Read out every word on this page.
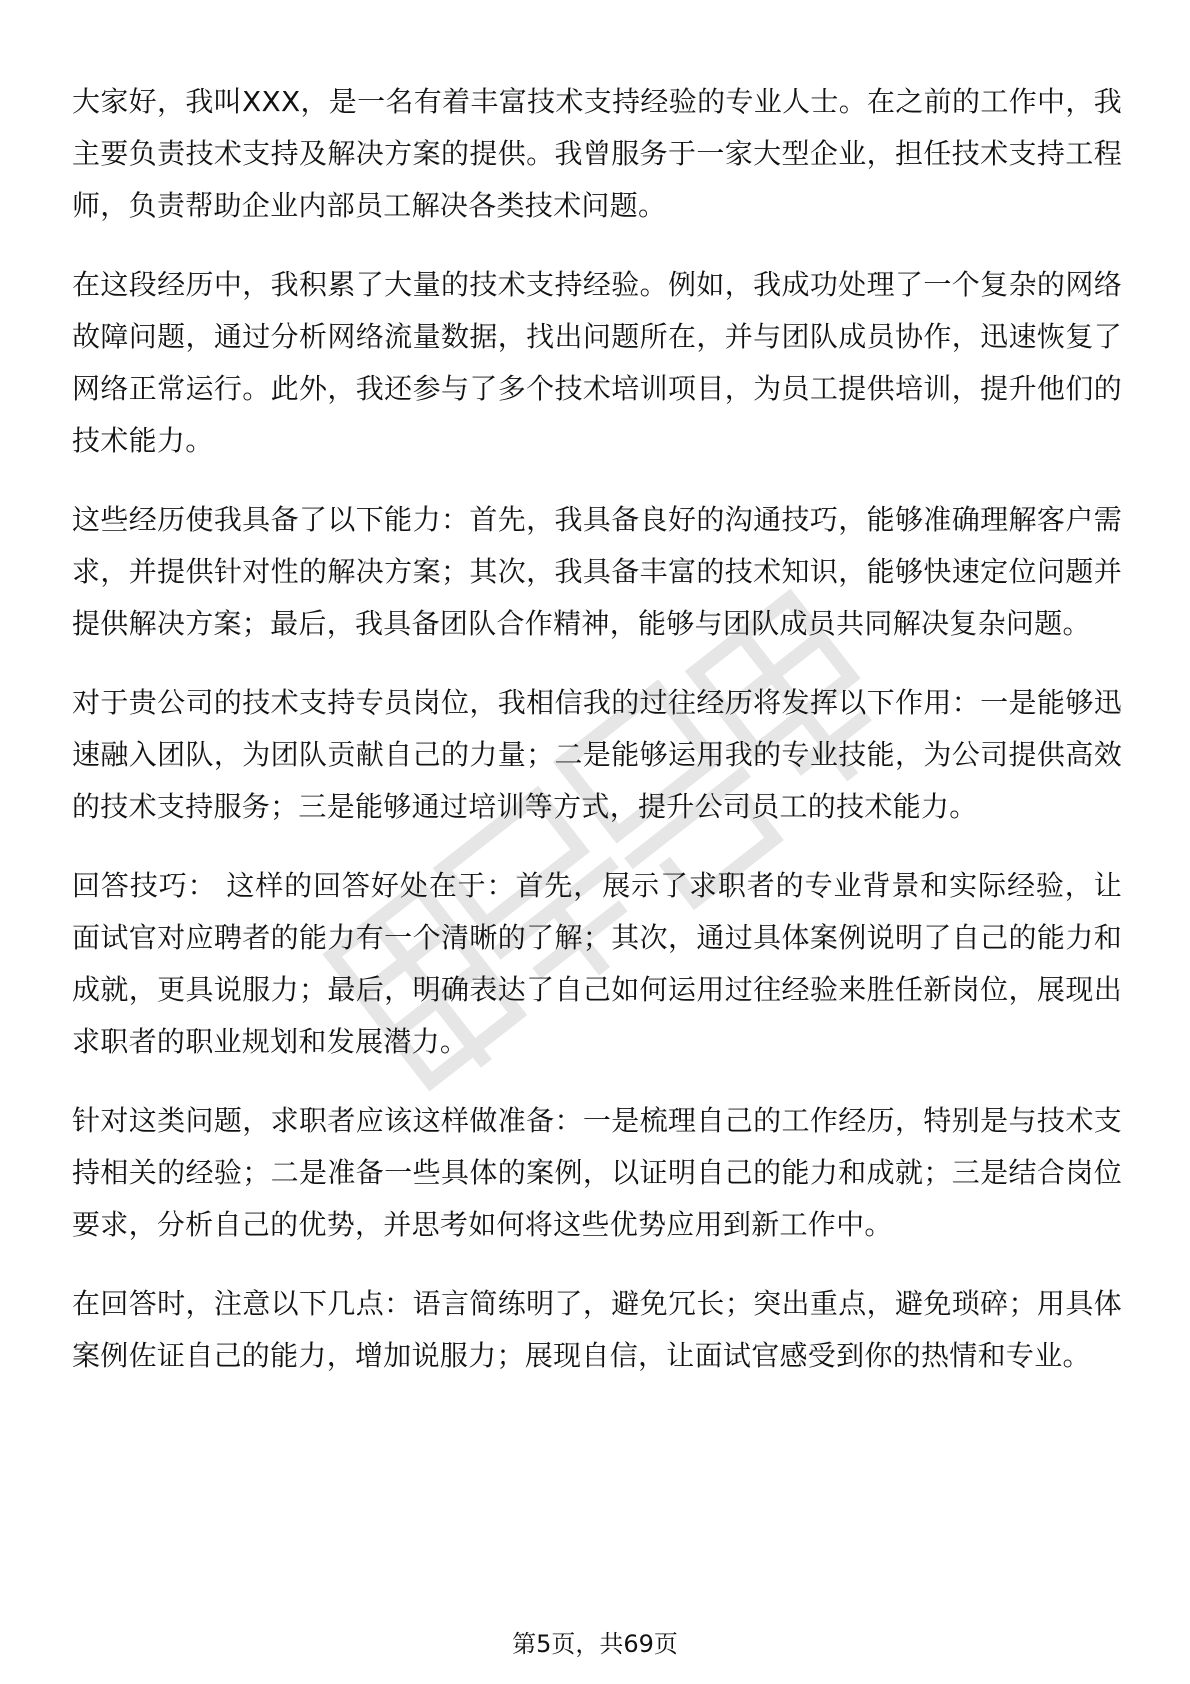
大家好，我叫XXX，是一名有着丰富技术支持经验的专业人士。在之前的工作中，我主要负责技术支持及解决方案的提供。我曾服务于一家大型企业，担任技术支持工程师，负责帮助企业内部员工解决各类技术问题。

在这段经历中，我积累了大量的技术支持经验。例如，我成功处理了一个复杂的网络故障问题，通过分析网络流量数据，找出问题所在，并与团队成员协作，迅速恢复了网络正常运行。此外，我还参与了多个技术培训项目，为员工提供培训，提升他们的技术能力。

这些经历使我具备了以下能力：首先，我具备良好的沟通技巧，能够准确理解客户需求，并提供针对性的解决方案；其次，我具备丰富的技术知识，能够快速定位问题并提供解决方案；最后，我具备团队合作精神，能够与团队成员共同解决复杂问题。

对于贵公司的技术支持专员岗位，我相信我的过往经历将发挥以下作用：一是能够迅速融入团队，为团队贡献自己的力量；二是能够运用我的专业技能，为公司提供高效的技术支持服务；三是能够通过培训等方式，提升公司员工的技术能力。

回答技巧： 这样的回答好处在于：首先，展示了求职者的专业背景和实际经验，让面试官对应聘者的能力有一个清晰的了解；其次，通过具体案例说明了自己的能力和成就，更具说服力；最后，明确表达了自己如何运用过往经验来胜任新岗位，展现出求职者的职业规划和发展潜力。

针对这类问题，求职者应该这样做准备：一是梳理自己的工作经历，特别是与技术支持相关的经验；二是准备一些具体的案例，以证明自己的能力和成就；三是结合岗位要求，分析自己的优势，并思考如何将这些优势应用到新工作中。

在回答时，注意以下几点：语言简练明了，避免冗长；突出重点，避免琐碎；用具体案例佐证自己的能力，增加说服力；展现自信，让面试官感受到你的热情和专业。

第5页，共69页
